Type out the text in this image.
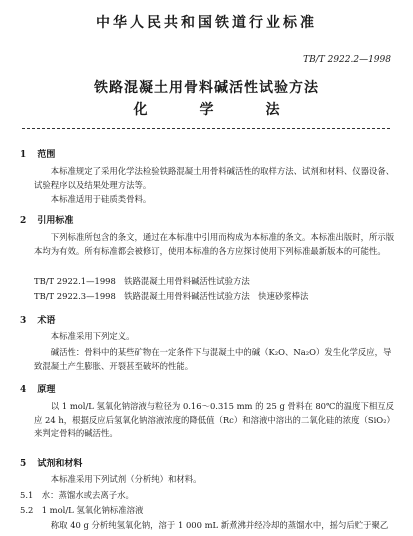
中华人民共和国铁道行业标准
TB/T 2922.2—1998
铁路混凝土用骨料碱活性试验方法
化	学	法
1 范围
本标准规定了采用化学法检验铁路混凝土用骨料碱活性的取样方法、试剂和材料、仪器设备、试验程序以及结果处理方法等。
本标准适用于硅质类骨料。
2 引用标准
下列标准所包含的条文，通过在本标准中引用而构成为本标准的条文。本标准出版时，所示版本均为有效。所有标准都会被修订，使用本标准的各方应探讨使用下列标准最新版本的可能性。
TB/T 2922.1—1998　铁路混凝土用骨料碱活性试验方法
TB/T 2922.3—1998　铁路混凝土用骨料碱活性试验方法　快速砂浆棒法
3 术语
本标准采用下列定义。
碱活性：骨料中的某些矿物在一定条件下与混凝土中的碱（K₂O、Na₂O）发生化学反应，导致混凝土产生膨胀、开裂甚至破坏的性能。
4 原理
以 1 mol/L 氢氧化钠溶液与粒径为 0.16～0.315 mm 的 25 g 骨料在 80℃的温度下相互反应 24 h，根据反应后氢氧化钠溶液浓度的降低值（Rc）和溶液中溶出的二氧化硅的浓度（SiO₂）来判定骨料的碱活性。
5 试剂和材料
本标准采用下列试剂（分析纯）和材料。
5.1　水：蒸馏水或去离子水。
5.2　1 mol/L 氢氧化钠标准溶液
称取 40 g 分析纯氢氧化钠，溶于 1 000 mL 新煮沸并经冷却的蒸馏水中，摇匀后贮于聚乙
